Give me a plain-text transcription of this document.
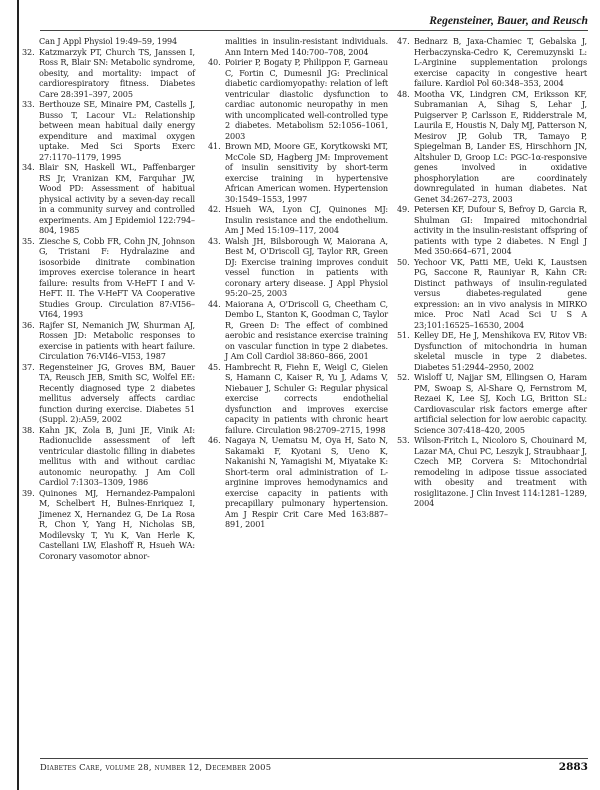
Regensteiner, Bauer, and Reusch

Can J Appl Physiol 19:49–59, 1994

32. Katzmarzyk PT, Church TS, Janssen I, Ross R, Blair SN: Metabolic syndrome, obesity, and mortality: impact of cardiorespiratory fitness. Diabetes Care 28:391–397, 2005

33. Berthouze SE, Minaire PM, Castells J, Busso T, Lacour VL: Relationship between mean habitual daily energy expenditure and maximal oxygen uptake. Med Sci Sports Exerc 27:1170–1179, 1995

34. Blair SN, Haskell WL, Paffenbarger RS Jr, Vranizan KM, Farquhar JW, Wood PD: Assessment of habitual physical activity by a seven-day recall in a community survey and controlled experiments. Am J Epidemiol 122:794–804, 1985

35. Ziesche S, Cobb FR, Cohn JN, Johnson G, Tristani F: Hydralazine and isosorbide dinitrate combination improves exercise tolerance in heart failure: results from V-HeFT I and V-HeFT. II. The V-HeFT VA Cooperative Studies Group. Circulation 87:VI56–VI64, 1993

36. Rajfer SI, Nemanich JW, Shurman AJ, Rossen JD: Metabolic responses to exercise in patients with heart failure. Circulation 76:VI46–VI53, 1987

37. Regensteiner JG, Groves BM, Bauer TA, Reusch JEB, Smith SC, Wolfel EE: Recently diagnosed type 2 diabetes mellitus adversely affects cardiac function during exercise. Diabetes 51 (Suppl. 2):A59, 2002

38. Kahn JK, Zola B, Juni JE, Vinik AI: Radionuclide assessment of left ventricular diastolic filling in diabetes mellitus with and without cardiac autonomic neuropathy. J Am Coll Cardiol 7:1303–1309, 1986

39. Quinones MJ, Hernandez-Pampaloni M, Schelbert H, Bulnes-Enriquez I, Jimenez X, Hernandez G, De La Rosa R, Chon Y, Yang H, Nicholas SB, Modilevsky T, Yu K, Van Herle K, Castellani LW, Elashoff R, Hsueh WA: Coronary vasomotor abnor-

malities in insulin-resistant individuals. Ann Intern Med 140:700–708, 2004

40. Poirier P, Bogaty P, Philippon F, Garneau C, Fortin C, Dumesnil JG: Preclinical diabetic cardiomyopathy: relation of left ventricular diastolic dysfunction to cardiac autonomic neuropathy in men with uncomplicated well-controlled type 2 diabetes. Metabolism 52:1056–1061, 2003

41. Brown MD, Moore GE, Korytkowski MT, McCole SD, Hagberg JM: Improvement of insulin sensitivity by short-term exercise training in hypertensive African American women. Hypertension 30:1549–1553, 1997

42. Hsueh WA, Lyon CJ, Quinones MJ: Insulin resistance and the endothelium. Am J Med 15:109–117, 2004

43. Walsh JH, Bilsborough W, Maiorana A, Best M, O'Driscoll GJ, Taylor RR, Green DJ: Exercise training improves conduit vessel function in patients with coronary artery disease. J Appl Physiol 95:20–25, 2003

44. Maiorana A, O'Driscoll G, Cheetham C, Dembo L, Stanton K, Goodman C, Taylor R, Green D: The effect of combined aerobic and resistance exercise training on vascular function in type 2 diabetes. J Am Coll Cardiol 38:860–866, 2001

45. Hambrecht R, Fiehn E, Weigl C, Gielen S, Hamann C, Kaiser R, Yu J, Adams V, Niebauer J, Schuler G: Regular physical exercise corrects endothelial dysfunction and improves exercise capacity in patients with chronic heart failure. Circulation 98:2709–2715, 1998

46. Nagaya N, Uematsu M, Oya H, Sato N, Sakamaki F, Kyotani S, Ueno K, Nakanishi N, Yamagishi M, Miyatake K: Short-term oral administration of L-arginine improves hemodynamics and exercise capacity in patients with precapillary pulmonary hypertension. Am J Respir Crit Care Med 163:887–891, 2001

47. Bednarz B, Jaxa-Chamiec T, Gebalska J, Herbaczynska-Cedro K, Ceremuzynski L: L-Arginine supplementation prolongs exercise capacity in congestive heart failure. Kardiol Pol 60:348–353, 2004

48. Mootha VK, Lindgren CM, Eriksson KF, Subramanian A, Sihag S, Lehar J, Puigserver P, Carlsson E, Ridderstrale M, Laurila E, Houstis N, Daly MJ, Patterson N, Mesirov JP, Golub TR, Tamayo P, Spiegelman B, Lander ES, Hirschhorn JN, Altshuler D, Groop LC: PGC-1α-responsive genes involved in oxidative phosphorylation are coordinately downregulated in human diabetes. Nat Genet 34:267–273, 2003

49. Petersen KF, Dufour S, Befroy D, Garcia R, Shulman GI: Impaired mitochondrial activity in the insulin-resistant offspring of patients with type 2 diabetes. N Engl J Med 350:664–671, 2004

50. Yechoor VK, Patti ME, Ueki K, Laustsen PG, Saccone R, Rauniyar R, Kahn CR: Distinct pathways of insulin-regulated versus diabetes-regulated gene expression: an in vivo analysis in MIRKO mice. Proc Natl Acad Sci U S A 23;101:16525–16530, 2004

51. Kelley DE, He J, Menshikova EV, Ritov VB: Dysfunction of mitochondria in human skeletal muscle in type 2 diabetes. Diabetes 51:2944–2950, 2002

52. Wisloff U, Najjar SM, Ellingsen O, Haram PM, Swoap S, Al-Share Q, Fernstrom M, Rezaei K, Lee SJ, Koch LG, Britton SL: Cardiovascular risk factors emerge after artificial selection for low aerobic capacity. Science 307:418–420, 2005

53. Wilson-Fritch L, Nicoloro S, Chouinard M, Lazar MA, Chui PC, Leszyk J, Straubhaar J, Czech MP, Corvera S: Mitochondrial remodeling in adipose tissue associated with obesity and treatment with rosiglitazone. J Clin Invest 114:1281–1289, 2004

Diabetes Care, volume 28, number 12, December 2005	2883
